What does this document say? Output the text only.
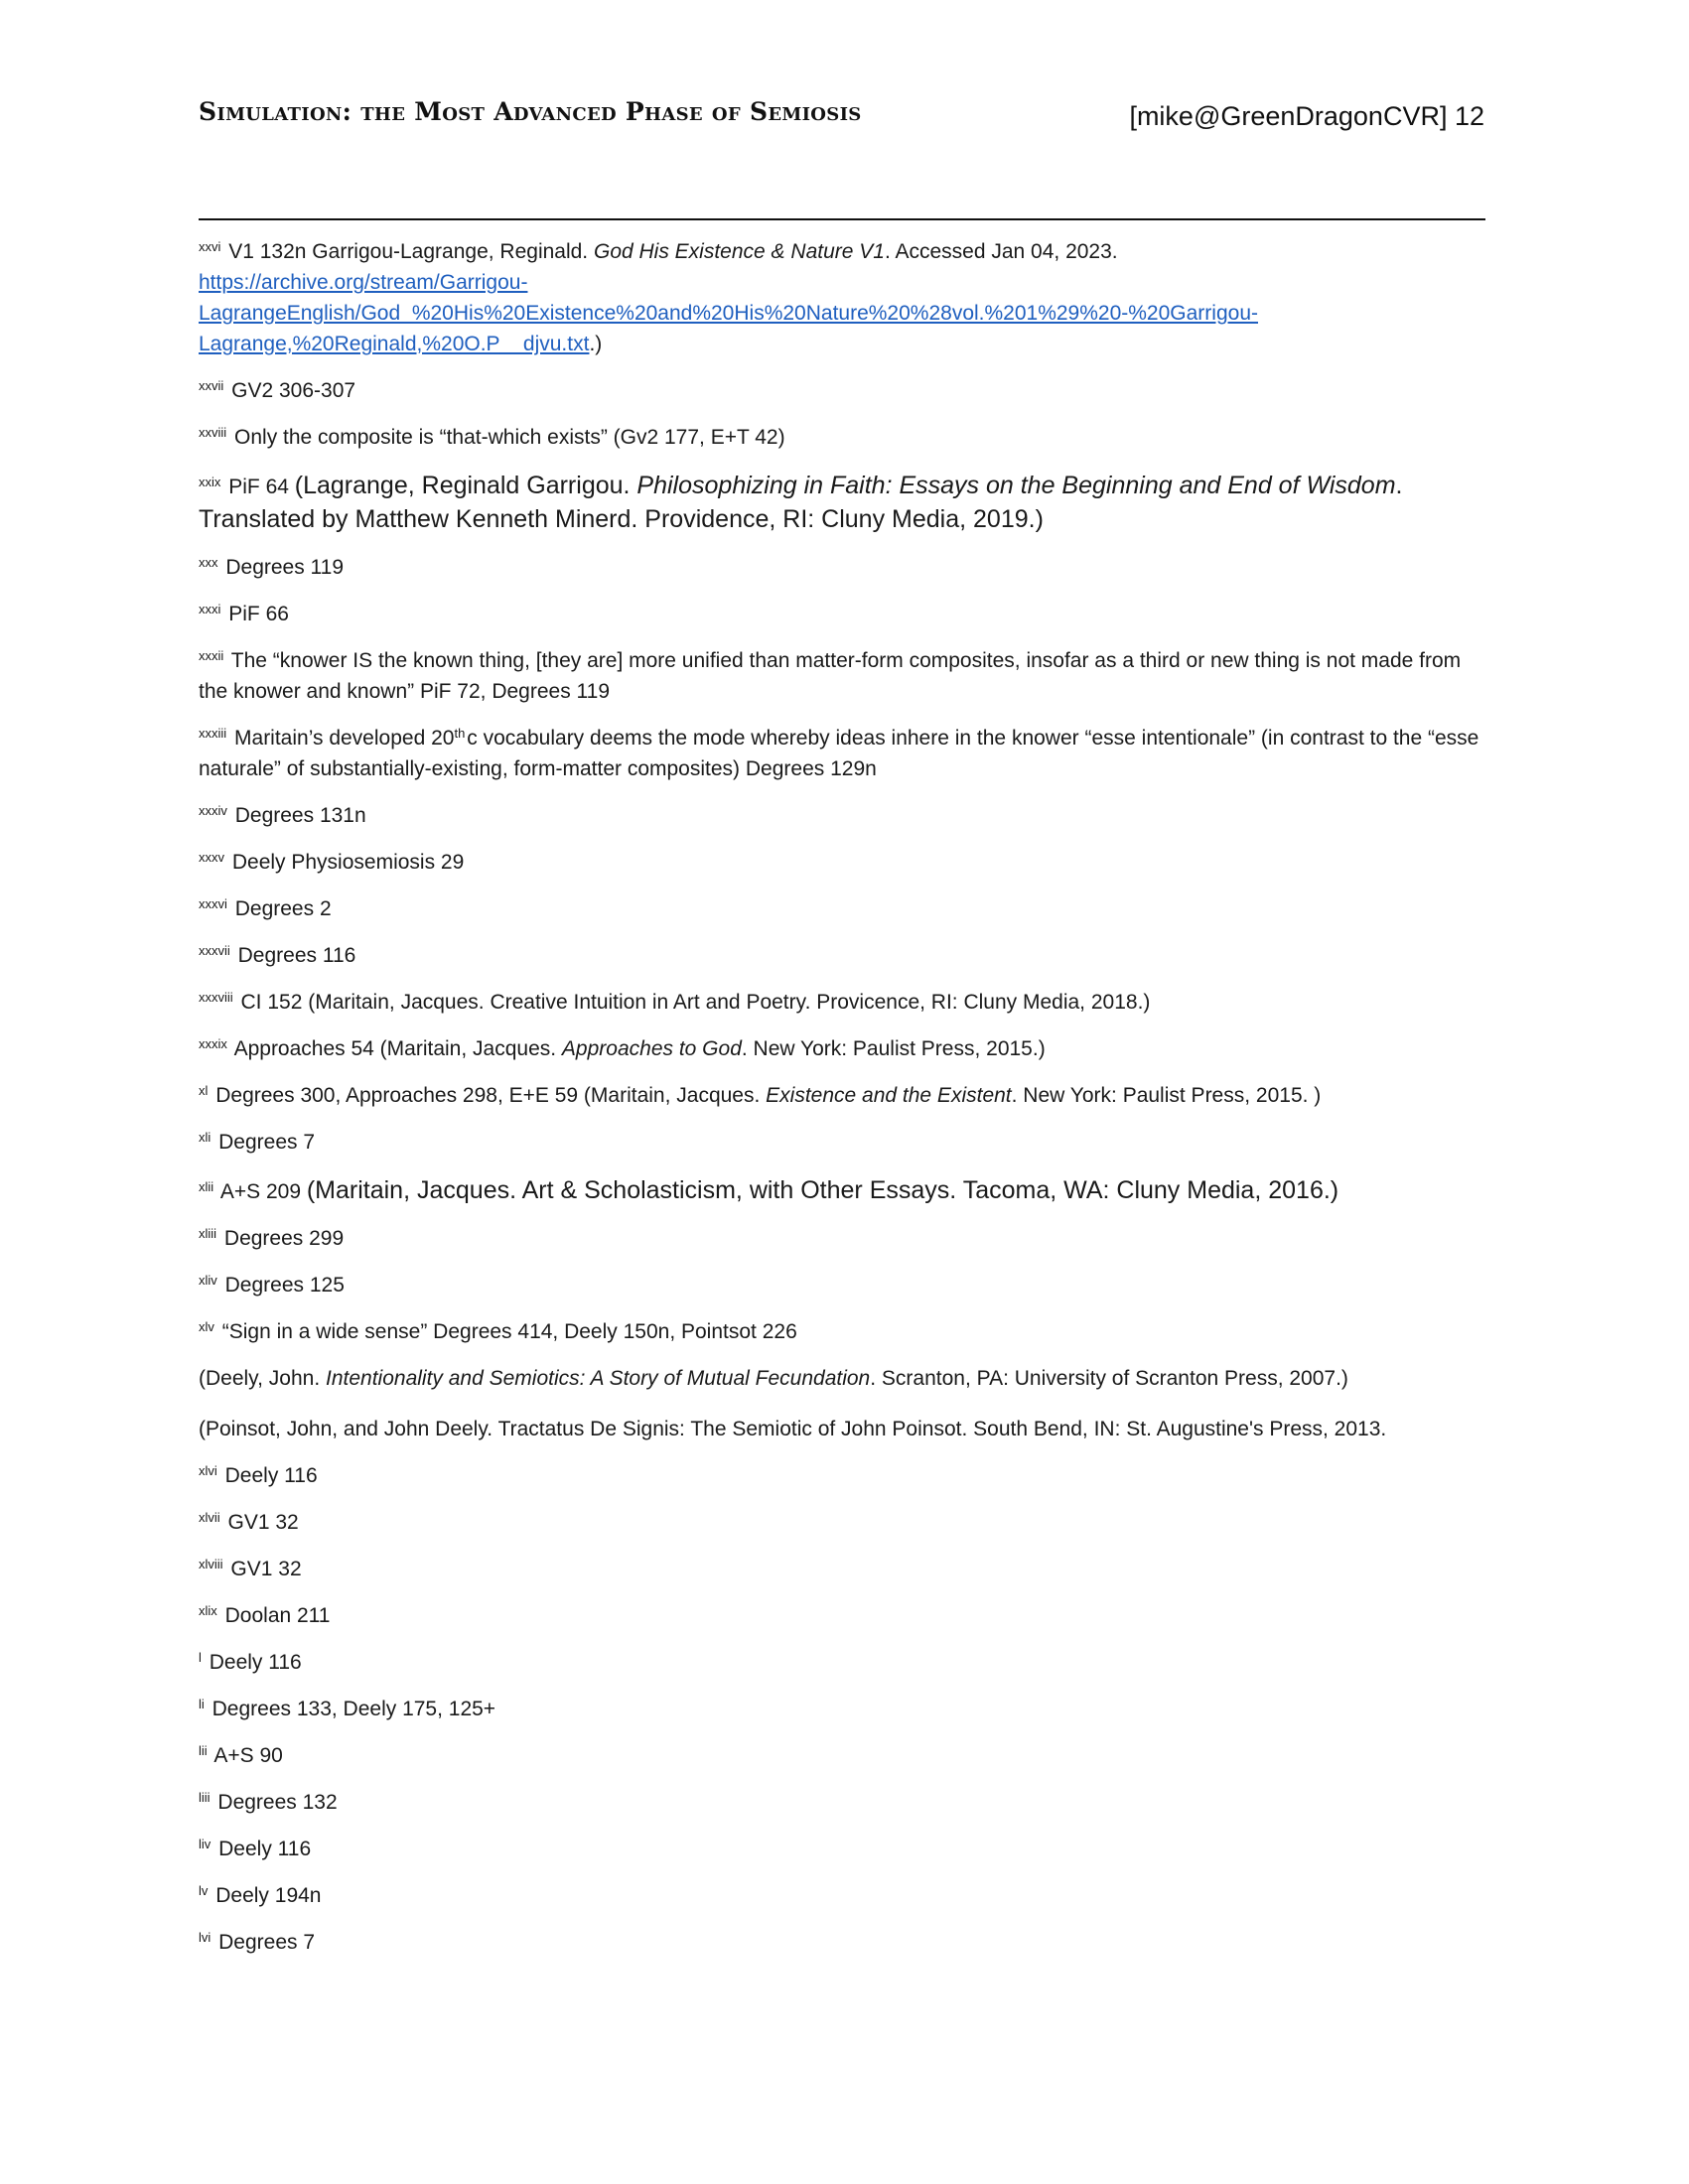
Simulation: the Most Advanced Phase of Semiosis	[mike@GreenDragonCVR] 12

$^{xxvi}$ V1 132n Garrigou-Lagrange, Reginald. God His Existence & Nature V1. Accessed Jan 04, 2023.
https://archive.org/stream/Garrigou-
LagrangeEnglish/God_%20His%20Existence%20and%20His%20Nature%20%28vol.%201%29%20-%20Garrigou-
Lagrange,%20Reginald,%20O.P__djvu.txt.)

$^{xxvii}$ GV2 306-307

$^{xxviii}$ Only the composite is “that-which exists” (Gv2 177, E+T 42)

$^{xxix}$ PiF 64 (Lagrange, Reginald Garrigou. Philosophizing in Faith: Essays on the Beginning and End of Wisdom. Translated by Matthew Kenneth Minerd. Providence, RI: Cluny Media, 2019.)

$^{xxx}$ Degrees 119

$^{xxxi}$ PiF 66

$^{xxxii}$ The “knower IS the known thing, [they are] more unified than matter-form composites, insofar as a third or new thing is not made from the knower and known” PiF 72, Degrees 119

$^{xxxiii}$ Maritain’s developed 20thc vocabulary deems the mode whereby ideas inhere in the knower “esse intentionale” (in contrast to the “esse naturale” of substantially-existing, form-matter composites) Degrees 129n

$^{xxxiv}$ Degrees 131n

$^{xxxv}$ Deely Physiosemiosis 29

$^{xxxvi}$ Degrees 2

$^{xxxvii}$ Degrees 116

$^{xxxviii}$ CI 152 (Maritain, Jacques. Creative Intuition in Art and Poetry. Provicence, RI: Cluny Media, 2018.)

$^{xxxix}$ Approaches 54 (Maritain, Jacques. Approaches to God. New York: Paulist Press, 2015.)

$^{xl}$ Degrees 300, Approaches 298, E+E 59 (Maritain, Jacques. Existence and the Existent. New York: Paulist Press, 2015. )

$^{xli}$ Degrees 7

$^{xlii}$ A+S 209 (Maritain, Jacques. Art & Scholasticism, with Other Essays. Tacoma, WA: Cluny Media, 2016.)

$^{xliii}$ Degrees 299

$^{xliv}$ Degrees 125

$^{xlv}$ “Sign in a wide sense” Degrees 414, Deely 150n, Pointsot 226

(Deely, John. Intentionality and Semiotics: A Story of Mutual Fecundation. Scranton, PA: University of Scranton Press, 2007.)

(Poinsot, John, and John Deely. Tractatus De Signis: The Semiotic of John Poinsot. South Bend, IN: St. Augustine's Press, 2013.

$^{xlvi}$ Deely 116

$^{xlvii}$ GV1 32

$^{xlviii}$ GV1 32

$^{xlix}$ Doolan 211

$^l$ Deely 116

$^{li}$ Degrees 133, Deely 175, 125+

$^{lii}$ A+S 90

$^{liii}$ Degrees 132

$^{liv}$ Deely 116

$^{lv}$ Deely 194n

$^{lvi}$ Degrees 7
